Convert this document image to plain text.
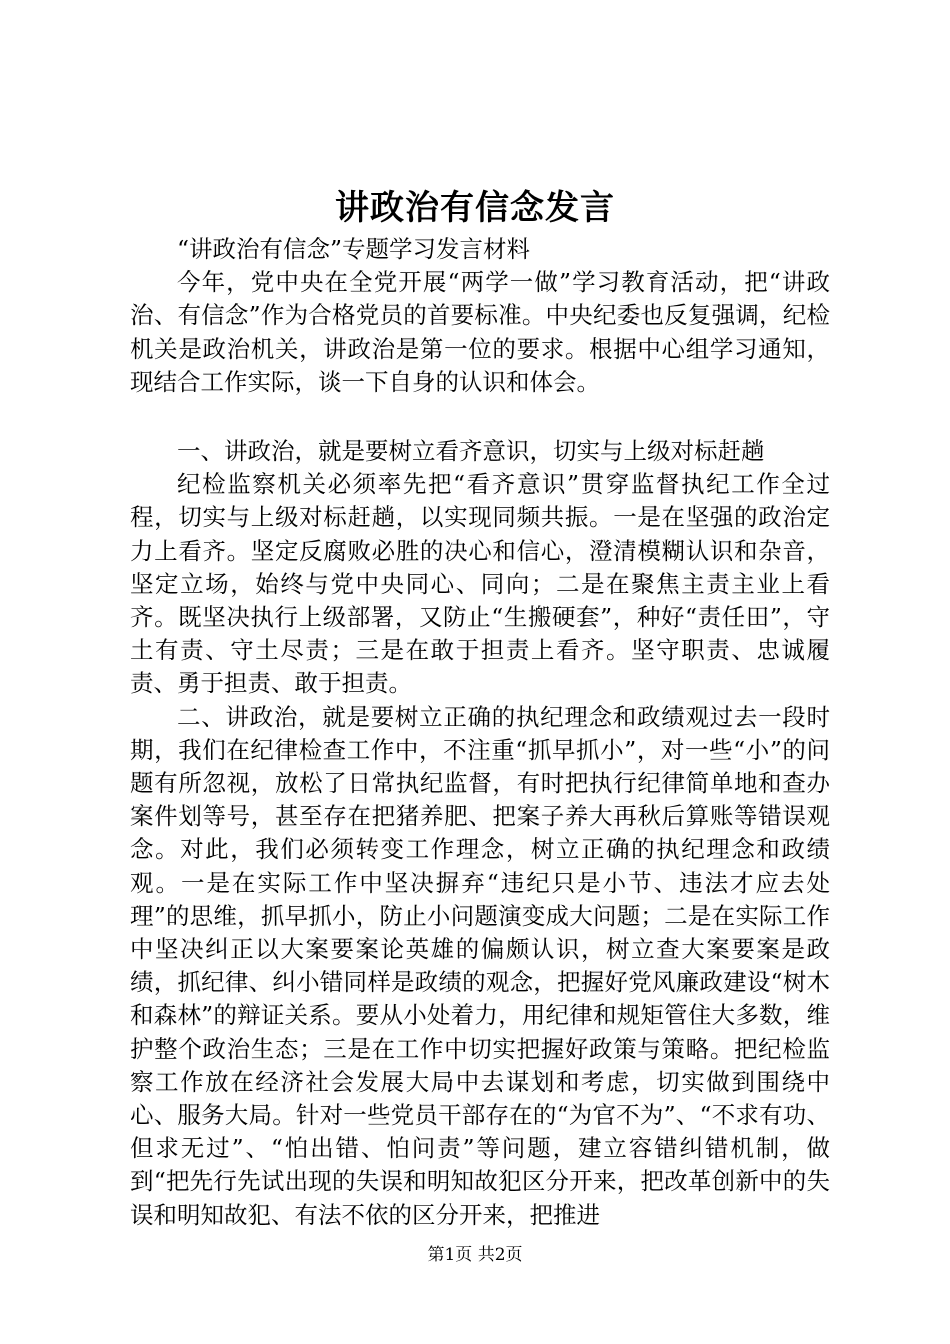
讲政治有信念发言

“讲政治有信念”专题学习发言材料

今年，党中央在全党开展“两学一做”学习教育活动，把“讲政治、有信念”作为合格党员的首要标准。中央纪委也反复强调，纪检机关是政治机关，讲政治是第一位的要求。根据中心组学习通知，现结合工作实际，谈一下自身的认识和体会。

一、讲政治，就是要树立看齐意识，切实与上级对标赶趟

纪检监察机关必须率先把“看齐意识”贯穿监督执纪工作全过程，切实与上级对标赶趟，以实现同频共振。一是在坚强的政治定力上看齐。坚定反腐败必胜的决心和信心，澄清模糊认识和杂音，坚定立场，始终与党中央同心、同向；二是在聚焦主责主业上看齐。既坚决执行上级部署，又防止“生搬硬套”，种好“责任田”，守土有责、守土尽责；三是在敢于担责上看齐。坚守职责、忠诚履责、勇于担责、敢于担责。

二、讲政治，就是要树立正确的执纪理念和政绩观过去一段时期，我们在纪律检查工作中，不注重“抓早抓小”，对一些“小”的问题有所忽视，放松了日常执纪监督，有时把执行纪律简单地和查办案件划等号，甚至存在把猪养肥、把案子养大再秋后算账等错误观念。对此，我们必须转变工作理念，树立正确的执纪理念和政绩观。一是在实际工作中坚决摒弃“违纪只是小节、违法才应去处理”的思维，抓早抓小，防止小问题演变成大问题；二是在实际工作中坚决纠正以大案要案论英雄的偏颇认识，树立查大案要案是政绩，抓纪律、纠小错同样是政绩的观念，把握好党风廉政建设“树木和森林”的辩证关系。要从小处着力，用纪律和规矩管住大多数，维护整个政治生态；三是在工作中切实把握好政策与策略。把纪检监察工作放在经济社会发展大局中去谋划和考虑，切实做到围绕中心、服务大局。针对一些党员干部存在的“为官不为”、“不求有功、但求无过”、“怕出错、怕问责”等问题，建立容错纠错机制，做到“把先行先试出现的失误和明知故犯区分开来，把改革创新中的失误和明知故犯、有法不依的区分开来，把推进

第1页 共2页
